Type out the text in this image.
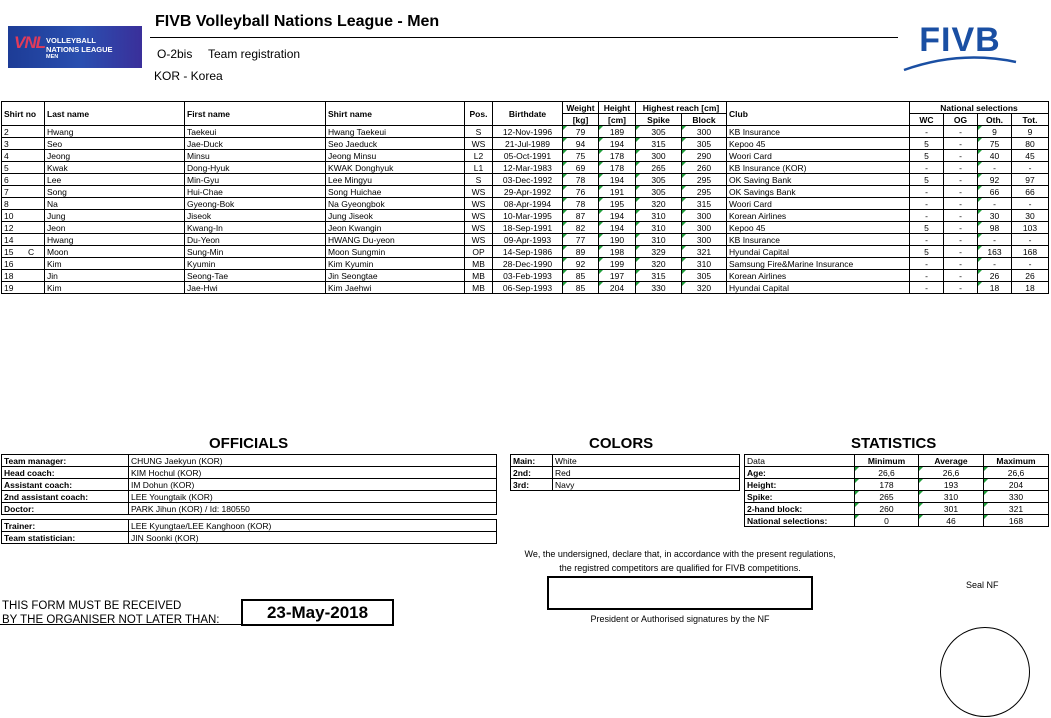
VNL VOLLEYBALL
NATIONS LEAGUE
MEN
FIVB Volleyball Nations League - Men
O-2bis Team registration
KOR - Korea
FIVB
Shirt no	Last name	First name	Shirt name	Pos.	Birthdate	Weight	Height	Highest reach [cm]		Club	National selections			
						[kg]	[cm]	Spike	Block		WC	OG	Oth.	Tot.
2	Hwang	Taekeui	Hwang Taekeui	S	12-Nov-1996	79	189	305	300	KB Insurance	-	-	9	9
3	Seo	Jae-Duck	Seo Jaeduck	WS	21-Jul-1989	94	194	315	305	Kepoo 45	5	-	75	80
4	Jeong	Minsu	Jeong Minsu	L2	05-Oct-1991	75	178	300	290	Woori Card	5	-	40	45
5	Kwak	Dong-Hyuk	KWAK Donghyuk	L1	12-Mar-1983	69	178	265	260	KB Insurance (KOR)	-	-	-	-
6	Lee	Min-Gyu	Lee Mingyu	S	03-Dec-1992	78	194	305	295	OK Saving Bank	5	-	92	97
7	Song	Hui-Chae	Song Huichae	WS	29-Apr-1992	76	191	305	295	OK Savings Bank	-	-	66	66
8	Na	Gyeong-Bok	Na Gyeongbok	WS	08-Apr-1994	78	195	320	315	Woori Card	-	-	-	-
10	Jung	Jiseok	Jung Jiseok	WS	10-Mar-1995	87	194	310	300	Korean Airlines	-	-	30	30
12	Jeon	Kwang-In	Jeon Kwangin	WS	18-Sep-1991	82	194	310	300	Kepoo 45	5	-	98	103
14	Hwang	Du-Yeon	HWANG Du-yeon	WS	09-Apr-1993	77	190	310	300	KB Insurance	-	-	-	-
15 C	Moon	Sung-Min	Moon Sungmin	OP	14-Sep-1986	89	198	329	321	Hyundai Capital	5	-	163	168
16	Kim	Kyumin	Kim Kyumin	MB	28-Dec-1990	92	199	320	310	Samsung Fire&Marine Insurance	-	-	-	-
18	Jin	Seong-Tae	Jin Seongtae	MB	03-Feb-1993	85	197	315	305	Korean Airlines	-	-	26	26
19	Kim	Jae-Hwi	Kim Jaehwi	MB	06-Sep-1993	85	204	330	320	Hyundai Capital	-	-	18	18
OFFICIALS
Team manager:	CHUNG Jaekyun (KOR)
Head coach:	KIM Hochul (KOR)
Assistant coach:	IM Dohun (KOR)
2nd assistant coach:	LEE Youngtaik (KOR)
Doctor:	PARK Jihun (KOR) / Id: 180550

Trainer:	LEE Kyungtae/LEE Kanghoon (KOR)
Team statistician:	JIN Soonki (KOR)
COLORS
Main:	White
2nd:	Red
3rd:	Navy
STATISTICS
Data	Minimum	Average	Maximum
Age:	26,6	26,6	26,6
Height:	178	193	204
Spike:	265	310	330
2-hand block:	260	301	321
National selections:	0	46	168
We, the undersigned, declare that, in accordance with the present regulations,
the registred competitors are qualified for FIVB competitions.
President or Authorised signatures by the NF
Seal NF
THIS FORM MUST BE RECEIVED
BY THE ORGANISER NOT LATER THAN:	23-May-2018
